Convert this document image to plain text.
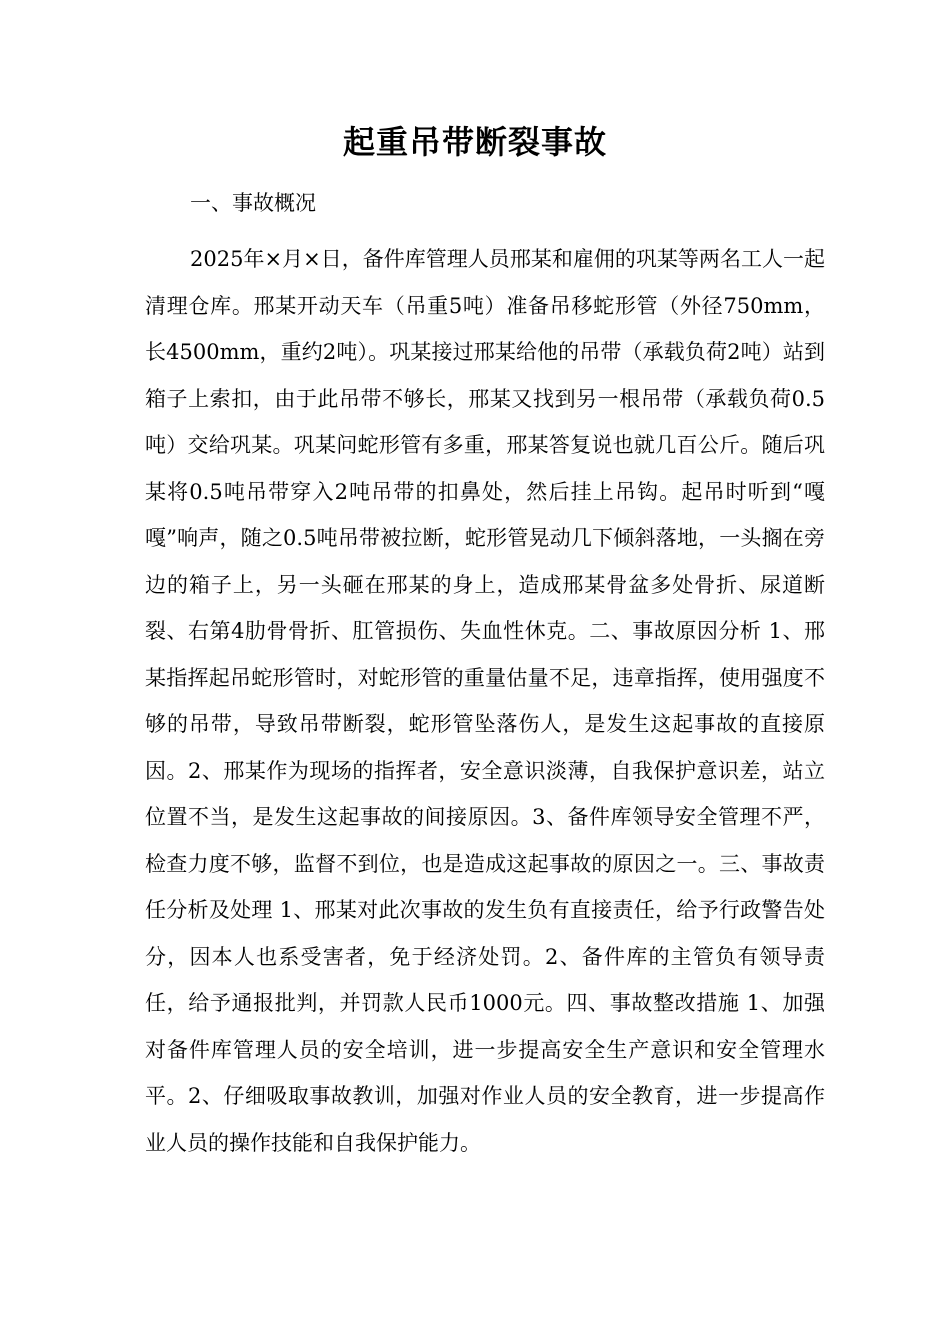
起重吊带断裂事故
一、事故概况

2025年×月×日，备件库管理人员邢某和雇佣的巩某等两名工人一起清理仓库。邢某开动天车（吊重5吨）准备吊移蛇形管（外径750mm，长4500mm，重约2吨）。巩某接过邢某给他的吊带（承载负荷2吨）站到箱子上索扣，由于此吊带不够长，邢某又找到另一根吊带（承载负荷0.5吨）交给巩某。巩某问蛇形管有多重，邢某答复说也就几百公斤。随后巩某将0.5吨吊带穿入2吨吊带的扣鼻处，然后挂上吊钩。起吊时听到“嘎嘎”响声，随之0.5吨吊带被拉断，蛇形管晃动几下倾斜落地，一头搁在旁边的箱子上，另一头砸在邢某的身上，造成邢某骨盆多处骨折、尿道断裂、右第4肋骨骨折、肛管损伤、失血性休克。二、事故原因分析 1、邢某指挥起吊蛇形管时，对蛇形管的重量估量不足，违章指挥，使用强度不够的吊带，导致吊带断裂，蛇形管坠落伤人，是发生这起事故的直接原因。2、邢某作为现场的指挥者，安全意识淡薄，自我保护意识差，站立位置不当，是发生这起事故的间接原因。3、备件库领导安全管理不严，检查力度不够，监督不到位，也是造成这起事故的原因之一。三、事故责任分析及处理 1、邢某对此次事故的发生负有直接责任，给予行政警告处分，因本人也系受害者，免于经济处罚。2、备件库的主管负有领导责任，给予通报批判，并罚款人民币1000元。四、事故整改措施 1、加强对备件库管理人员的安全培训，进一步提高安全生产意识和安全管理水平。2、仔细吸取事故教训，加强对作业人员的安全教育，进一步提高作业人员的操作技能和自我保护能力。
